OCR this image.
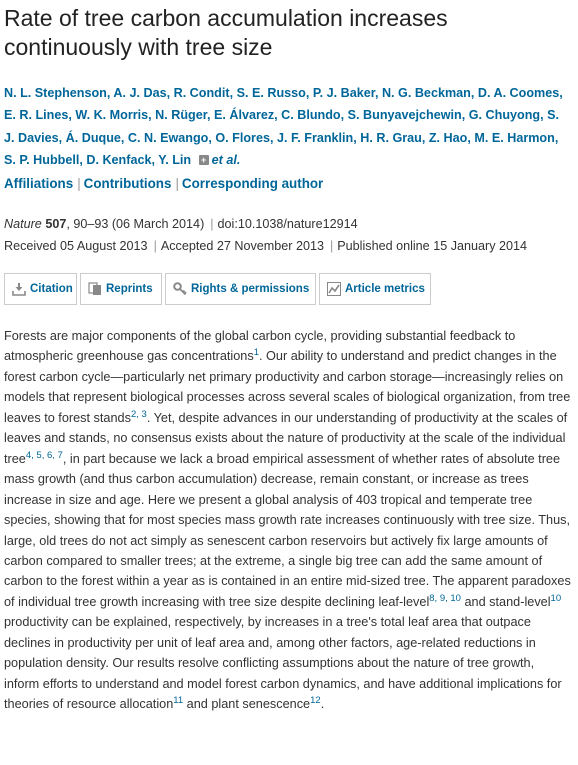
Rate of tree carbon accumulation increases continuously with tree size
N. L. Stephenson, A. J. Das, R. Condit, S. E. Russo, P. J. Baker, N. G. Beckman, D. A. Coomes, E. R. Lines, W. K. Morris, N. Rüger, E. Álvarez, C. Blundo, S. Bunyavejchewin, G. Chuyong, S. J. Davies, Á. Duque, C. N. Ewango, O. Flores, J. F. Franklin, H. R. Grau, Z. Hao, M. E. Harmon, S. P. Hubbell, D. Kenfack, Y. Lin + et al.
Affiliations | Contributions | Corresponding author
Nature 507, 90–93 (06 March 2014) | doi:10.1038/nature12914
Received 05 August 2013 | Accepted 27 November 2013 | Published online 15 January 2014
Citation	Reprints	Rights & permissions	Article metrics

Forests are major components of the global carbon cycle, providing substantial feedback to atmospheric greenhouse gas concentrations$^1$. Our ability to understand and predict changes in the forest carbon cycle—particularly net primary productivity and carbon storage—increasingly relies on models that represent biological processes across several scales of biological organization, from tree leaves to forest stands$^{2, 3}$. Yet, despite advances in our understanding of productivity at the scales of leaves and stands, no consensus exists about the nature of productivity at the scale of the individual tree$^{4, 5, 6, 7}$, in part because we lack a broad empirical assessment of whether rates of absolute tree mass growth (and thus carbon accumulation) decrease, remain constant, or increase as trees increase in size and age. Here we present a global analysis of 403 tropical and temperate tree species, showing that for most species mass growth rate increases continuously with tree size. Thus, large, old trees do not act simply as senescent carbon reservoirs but actively fix large amounts of carbon compared to smaller trees; at the extreme, a single big tree can add the same amount of carbon to the forest within a year as is contained in an entire mid-sized tree. The apparent paradoxes of individual tree growth increasing with tree size despite declining leaf-level$^{8, 9, 10}$ and stand-level$^{10}$ productivity can be explained, respectively, by increases in a tree's total leaf area that outpace declines in productivity per unit of leaf area and, among other factors, age-related reductions in population density. Our results resolve conflicting assumptions about the nature of tree growth, inform efforts to understand and model forest carbon dynamics, and have additional implications for theories of resource allocation$^{11}$ and plant senescence$^{12}$.
